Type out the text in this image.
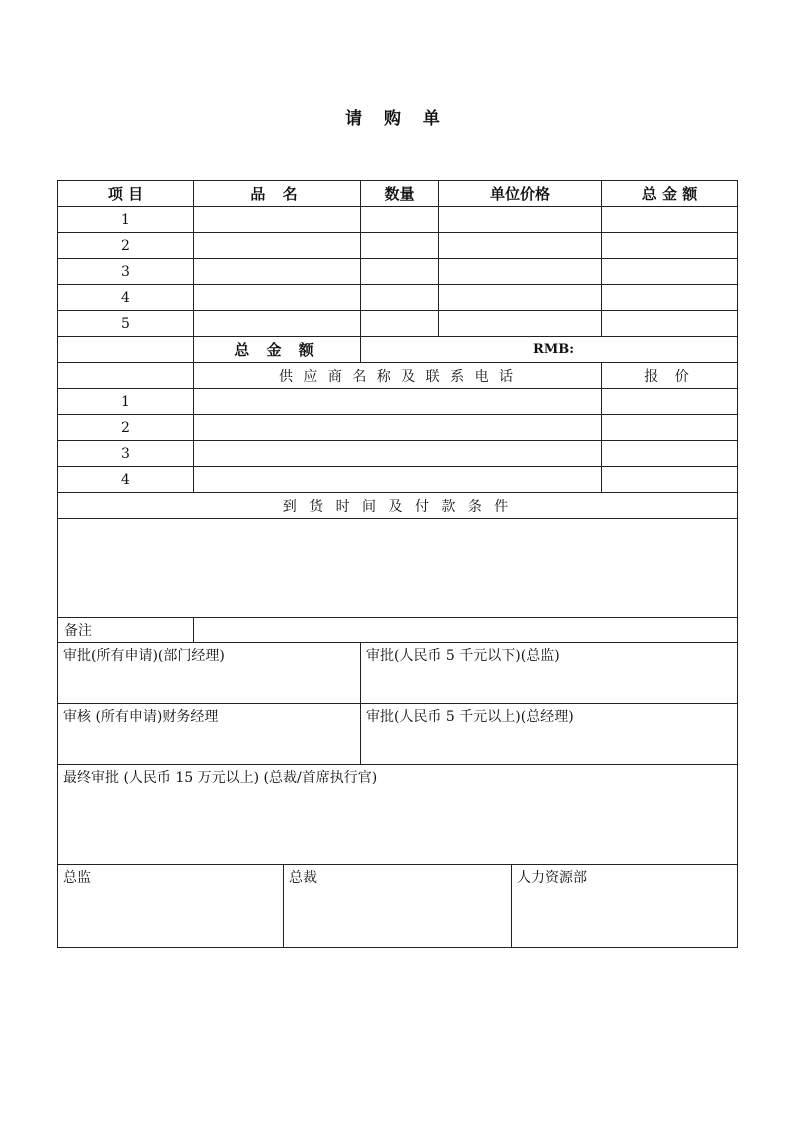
请 购 单
项 目	品 名	数量	单位价格	总 金 额
1				
2				
3				
4				
5				
	总 金 额	RMB:		
	供 应 商 名 称 及 联 系 电 话			报 价
1				
2				
3				
4				
到 货 时 间 及 付 款 条 件				

备注				
审批(所有申请)(部门经理)		审批(人民币 5 千元以下)(总监)		
审核 (所有申请)财务经理		审批(人民币 5 千元以上)(总经理)		
最终审批 (人民币 15 万元以上) (总裁/首席执行官)				
总监	总裁	人力资源部
